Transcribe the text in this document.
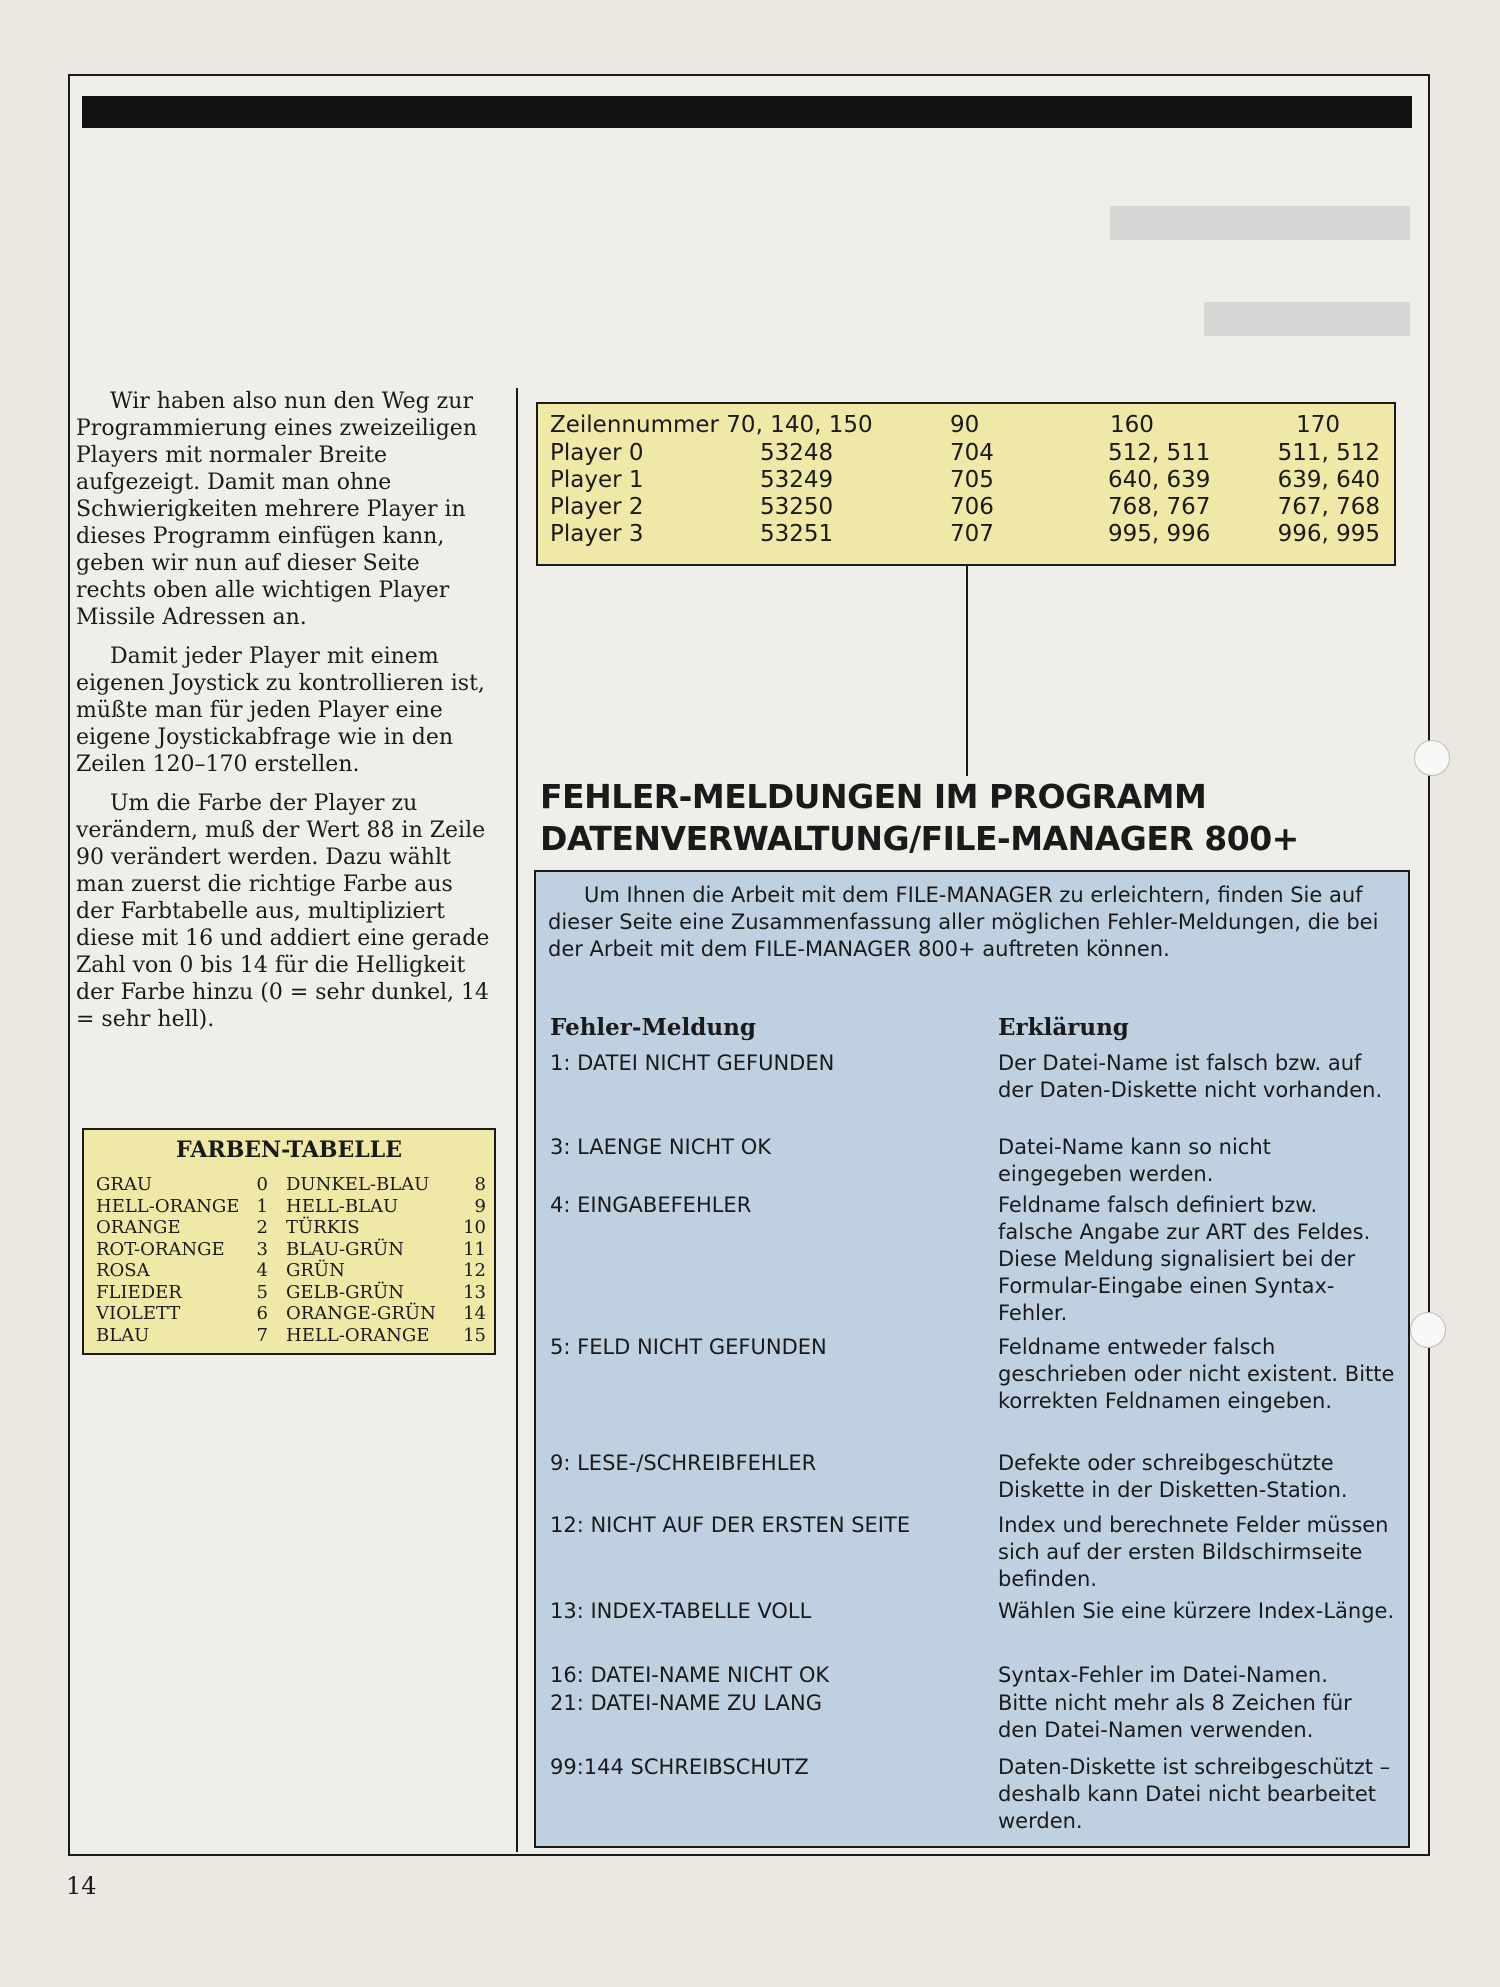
Wir haben also nun den Weg zur Programmierung eines zweizeiligen Players mit normaler Breite aufgezeigt. Damit man ohne Schwierigkeiten mehrere Player in dieses Programm einfügen kann, geben wir nun auf dieser Seite rechts oben alle wichtigen Player Missile Adressen an.

Damit jeder Player mit einem eigenen Joystick zu kontrollieren ist, müßte man für jeden Player eine eigene Joystickabfrage wie in den Zeilen 120–170 erstellen.

Um die Farbe der Player zu verändern, muß der Wert 88 in Zeile 90 verändert werden. Dazu wählt man zuerst die richtige Farbe aus der Farbtabelle aus, multipliziert diese mit 16 und addiert eine gerade Zahl von 0 bis 14 für die Helligkeit der Farbe hinzu (0 = sehr dunkel, 14 = sehr hell).

FARBEN-TABELLE
GRAU	0 DUNKEL-BLAU	8
HELL-ORANGE 1 HELL-BLAU	9
ORANGE	2 TÜRKIS	10
ROT-ORANGE	3 BLAU-GRÜN	11
ROSA	4 GRÜN	12
FLIEDER	5 GELB-GRÜN	13
VIOLETT	6 ORANGE-GRÜN	14
BLAU	7 HELL-ORANGE	15
Zeilennummer 70, 140, 150	90	160	170
Player 0	53248	704	512, 511	511, 512
Player 1	53249	705	640, 639	639, 640
Player 2	53250	706	768, 767	767, 768
Player 3	53251	707	995, 996	996, 995
FEHLER-MELDUNGEN IM PROGRAMM
DATENVERWALTUNG/FILE-MANAGER 800+

Um Ihnen die Arbeit mit dem FILE-MANAGER zu erleichtern, finden Sie auf dieser Seite eine Zusammenfassung aller möglichen Fehler-Meldungen, die bei der Arbeit mit dem FILE-MANAGER 800+ auftreten können.

Fehler-Meldung	Erklärung
1: DATEI NICHT GEFUNDEN	Der Datei-Name ist falsch bzw. auf der Daten-Diskette nicht vorhanden.
3: LAENGE NICHT OK	Datei-Name kann so nicht eingegeben werden.
4: EINGABEFEHLER	Feldname falsch definiert bzw. falsche Angabe zur ART des Feldes. Diese Meldung signalisiert bei der Formular-Eingabe einen Syntax-Fehler.
5: FELD NICHT GEFUNDEN	Feldname entweder falsch geschrieben oder nicht existent. Bitte korrekten Feldnamen eingeben.
9: LESE-/SCHREIBFEHLER	Defekte oder schreibgeschützte Diskette in der Disketten-Station.
12: NICHT AUF DER ERSTEN SEITE	Index und berechnete Felder müssen sich auf der ersten Bildschirmseite befinden.
13: INDEX-TABELLE VOLL	Wählen Sie eine kürzere Index-Länge.
16: DATEI-NAME NICHT OK	Syntax-Fehler im Datei-Namen.
21: DATEI-NAME ZU LANG	Bitte nicht mehr als 8 Zeichen für den Datei-Namen verwenden.
99:144 SCHREIBSCHUTZ	Daten-Diskette ist schreibgeschützt – deshalb kann Datei nicht bearbeitet werden.
14
